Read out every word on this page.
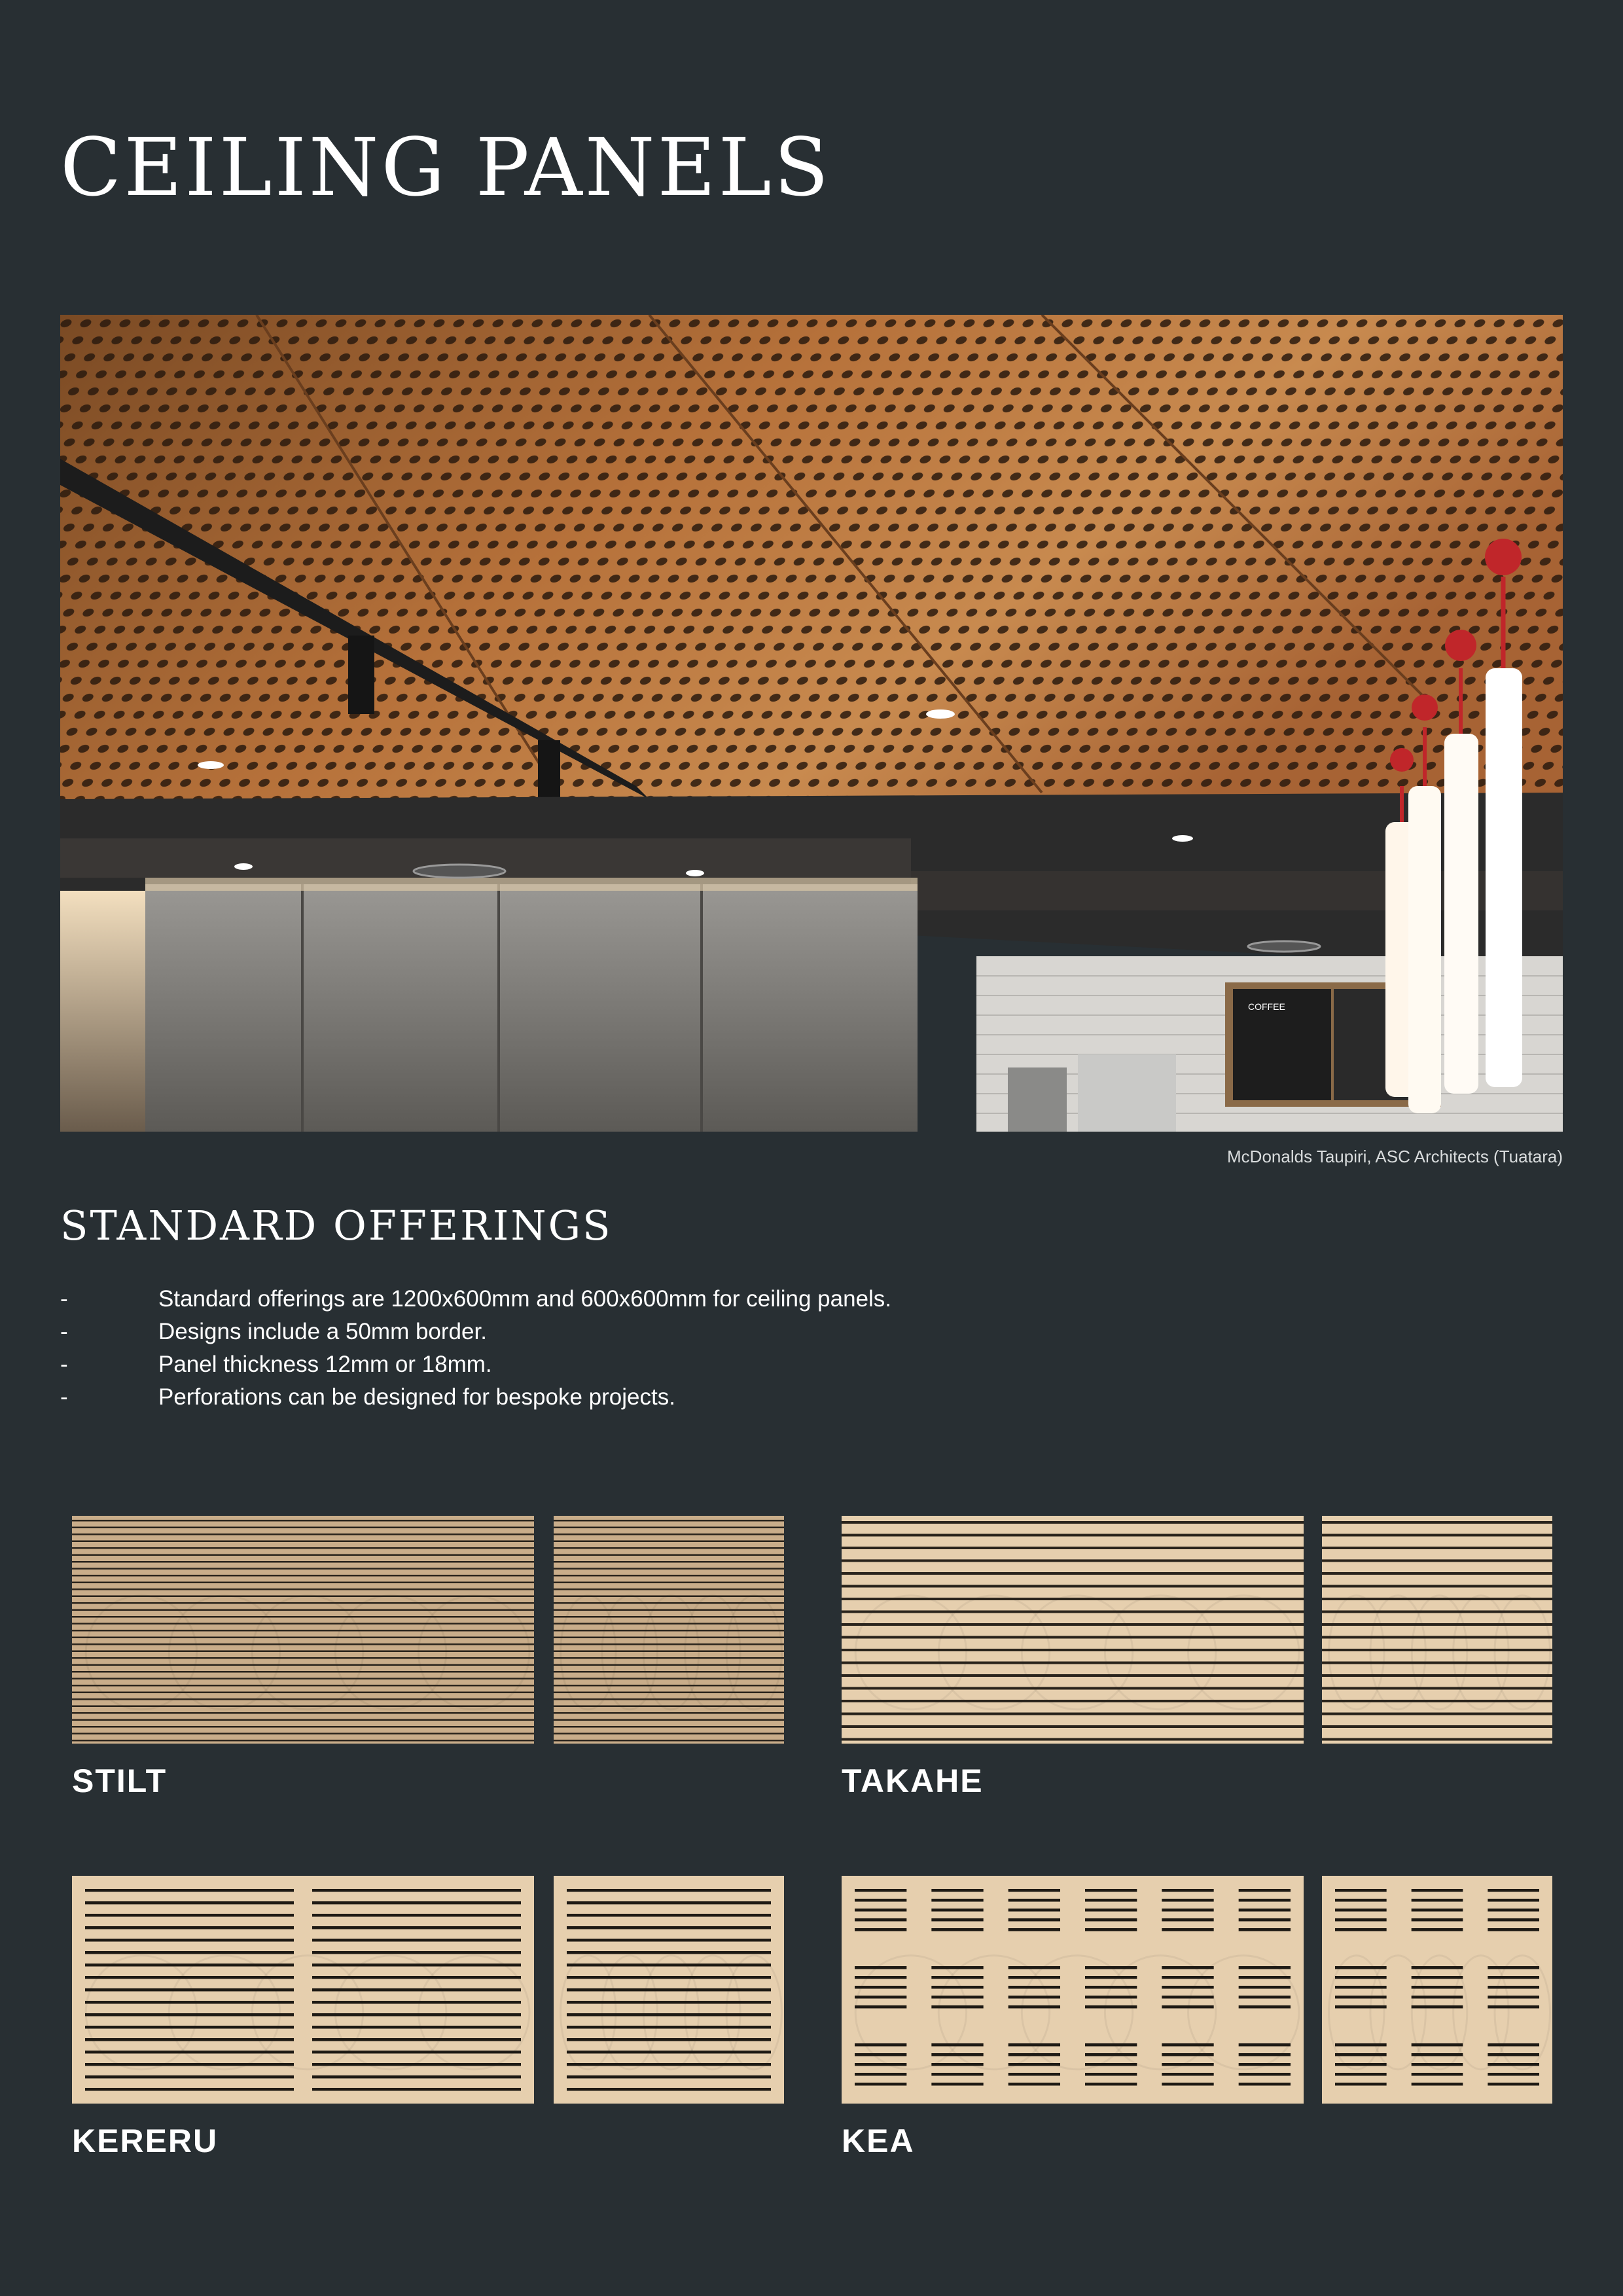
CEILING PANELS
COFFEE
McDonalds Taupiri, ASC Architects (Tuatara)
STANDARD OFFERINGS
-	Standard offerings are 1200x600mm and 600x600mm for ceiling panels.
-	Designs include a 50mm border.
-	Panel thickness 12mm or 18mm.
-	Perforations can be designed for bespoke projects.
STILT	TAKAHE
KERERU	KEA
